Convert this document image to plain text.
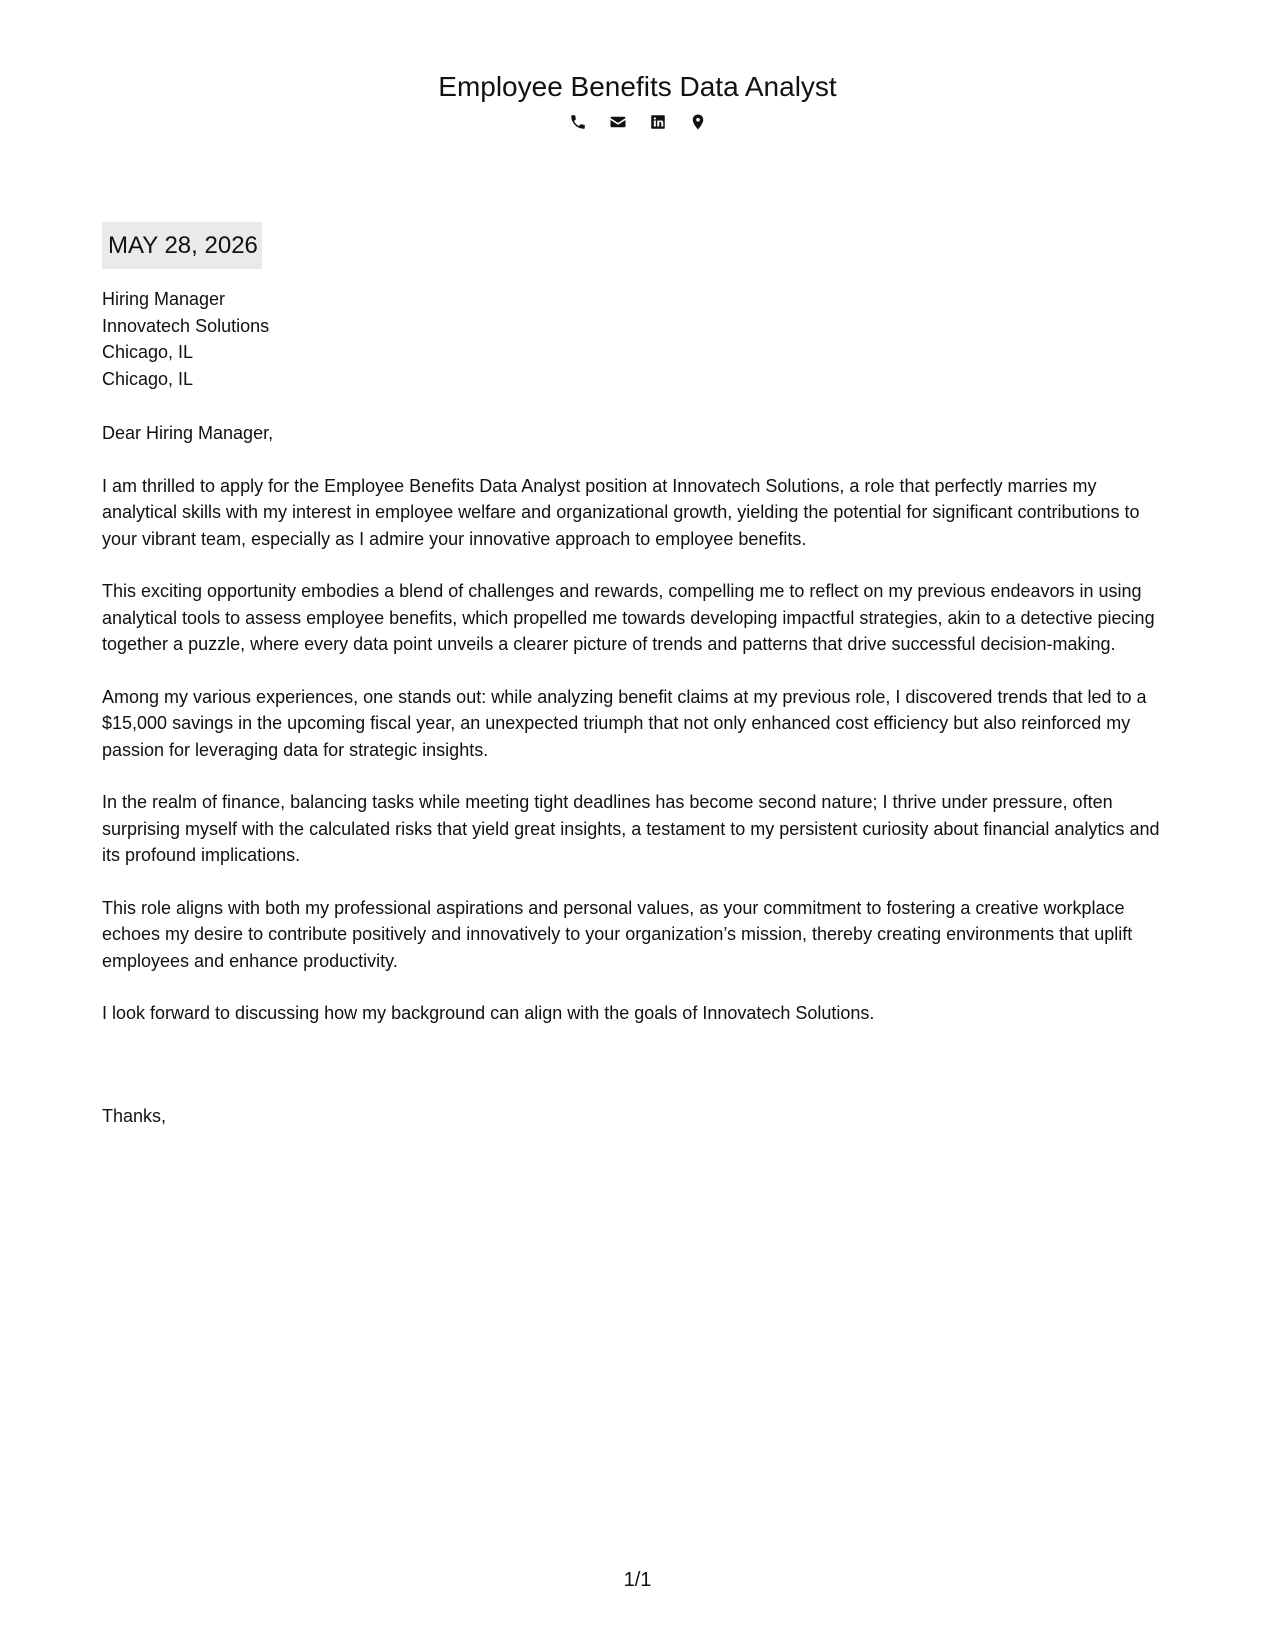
Employee Benefits Data Analyst
MAY 28, 2026
Hiring Manager
Innovatech Solutions
Chicago, IL
Chicago, IL

Dear Hiring Manager,

I am thrilled to apply for the Employee Benefits Data Analyst position at Innovatech Solutions, a role that perfectly marries my analytical skills with my interest in employee welfare and organizational growth, yielding the potential for significant contributions to your vibrant team, especially as I admire your innovative approach to employee benefits.

This exciting opportunity embodies a blend of challenges and rewards, compelling me to reflect on my previous endeavors in using analytical tools to assess employee benefits, which propelled me towards developing impactful strategies, akin to a detective piecing together a puzzle, where every data point unveils a clearer picture of trends and patterns that drive successful decision-making.

Among my various experiences, one stands out: while analyzing benefit claims at my previous role, I discovered trends that led to a $15,000 savings in the upcoming fiscal year, an unexpected triumph that not only enhanced cost efficiency but also reinforced my passion for leveraging data for strategic insights.

In the realm of finance, balancing tasks while meeting tight deadlines has become second nature; I thrive under pressure, often surprising myself with the calculated risks that yield great insights, a testament to my persistent curiosity about financial analytics and its profound implications.

This role aligns with both my professional aspirations and personal values, as your commitment to fostering a creative workplace echoes my desire to contribute positively and innovatively to your organization’s mission, thereby creating environments that uplift employees and enhance productivity.

I look forward to discussing how my background can align with the goals of Innovatech Solutions.

Thanks,
1/1
